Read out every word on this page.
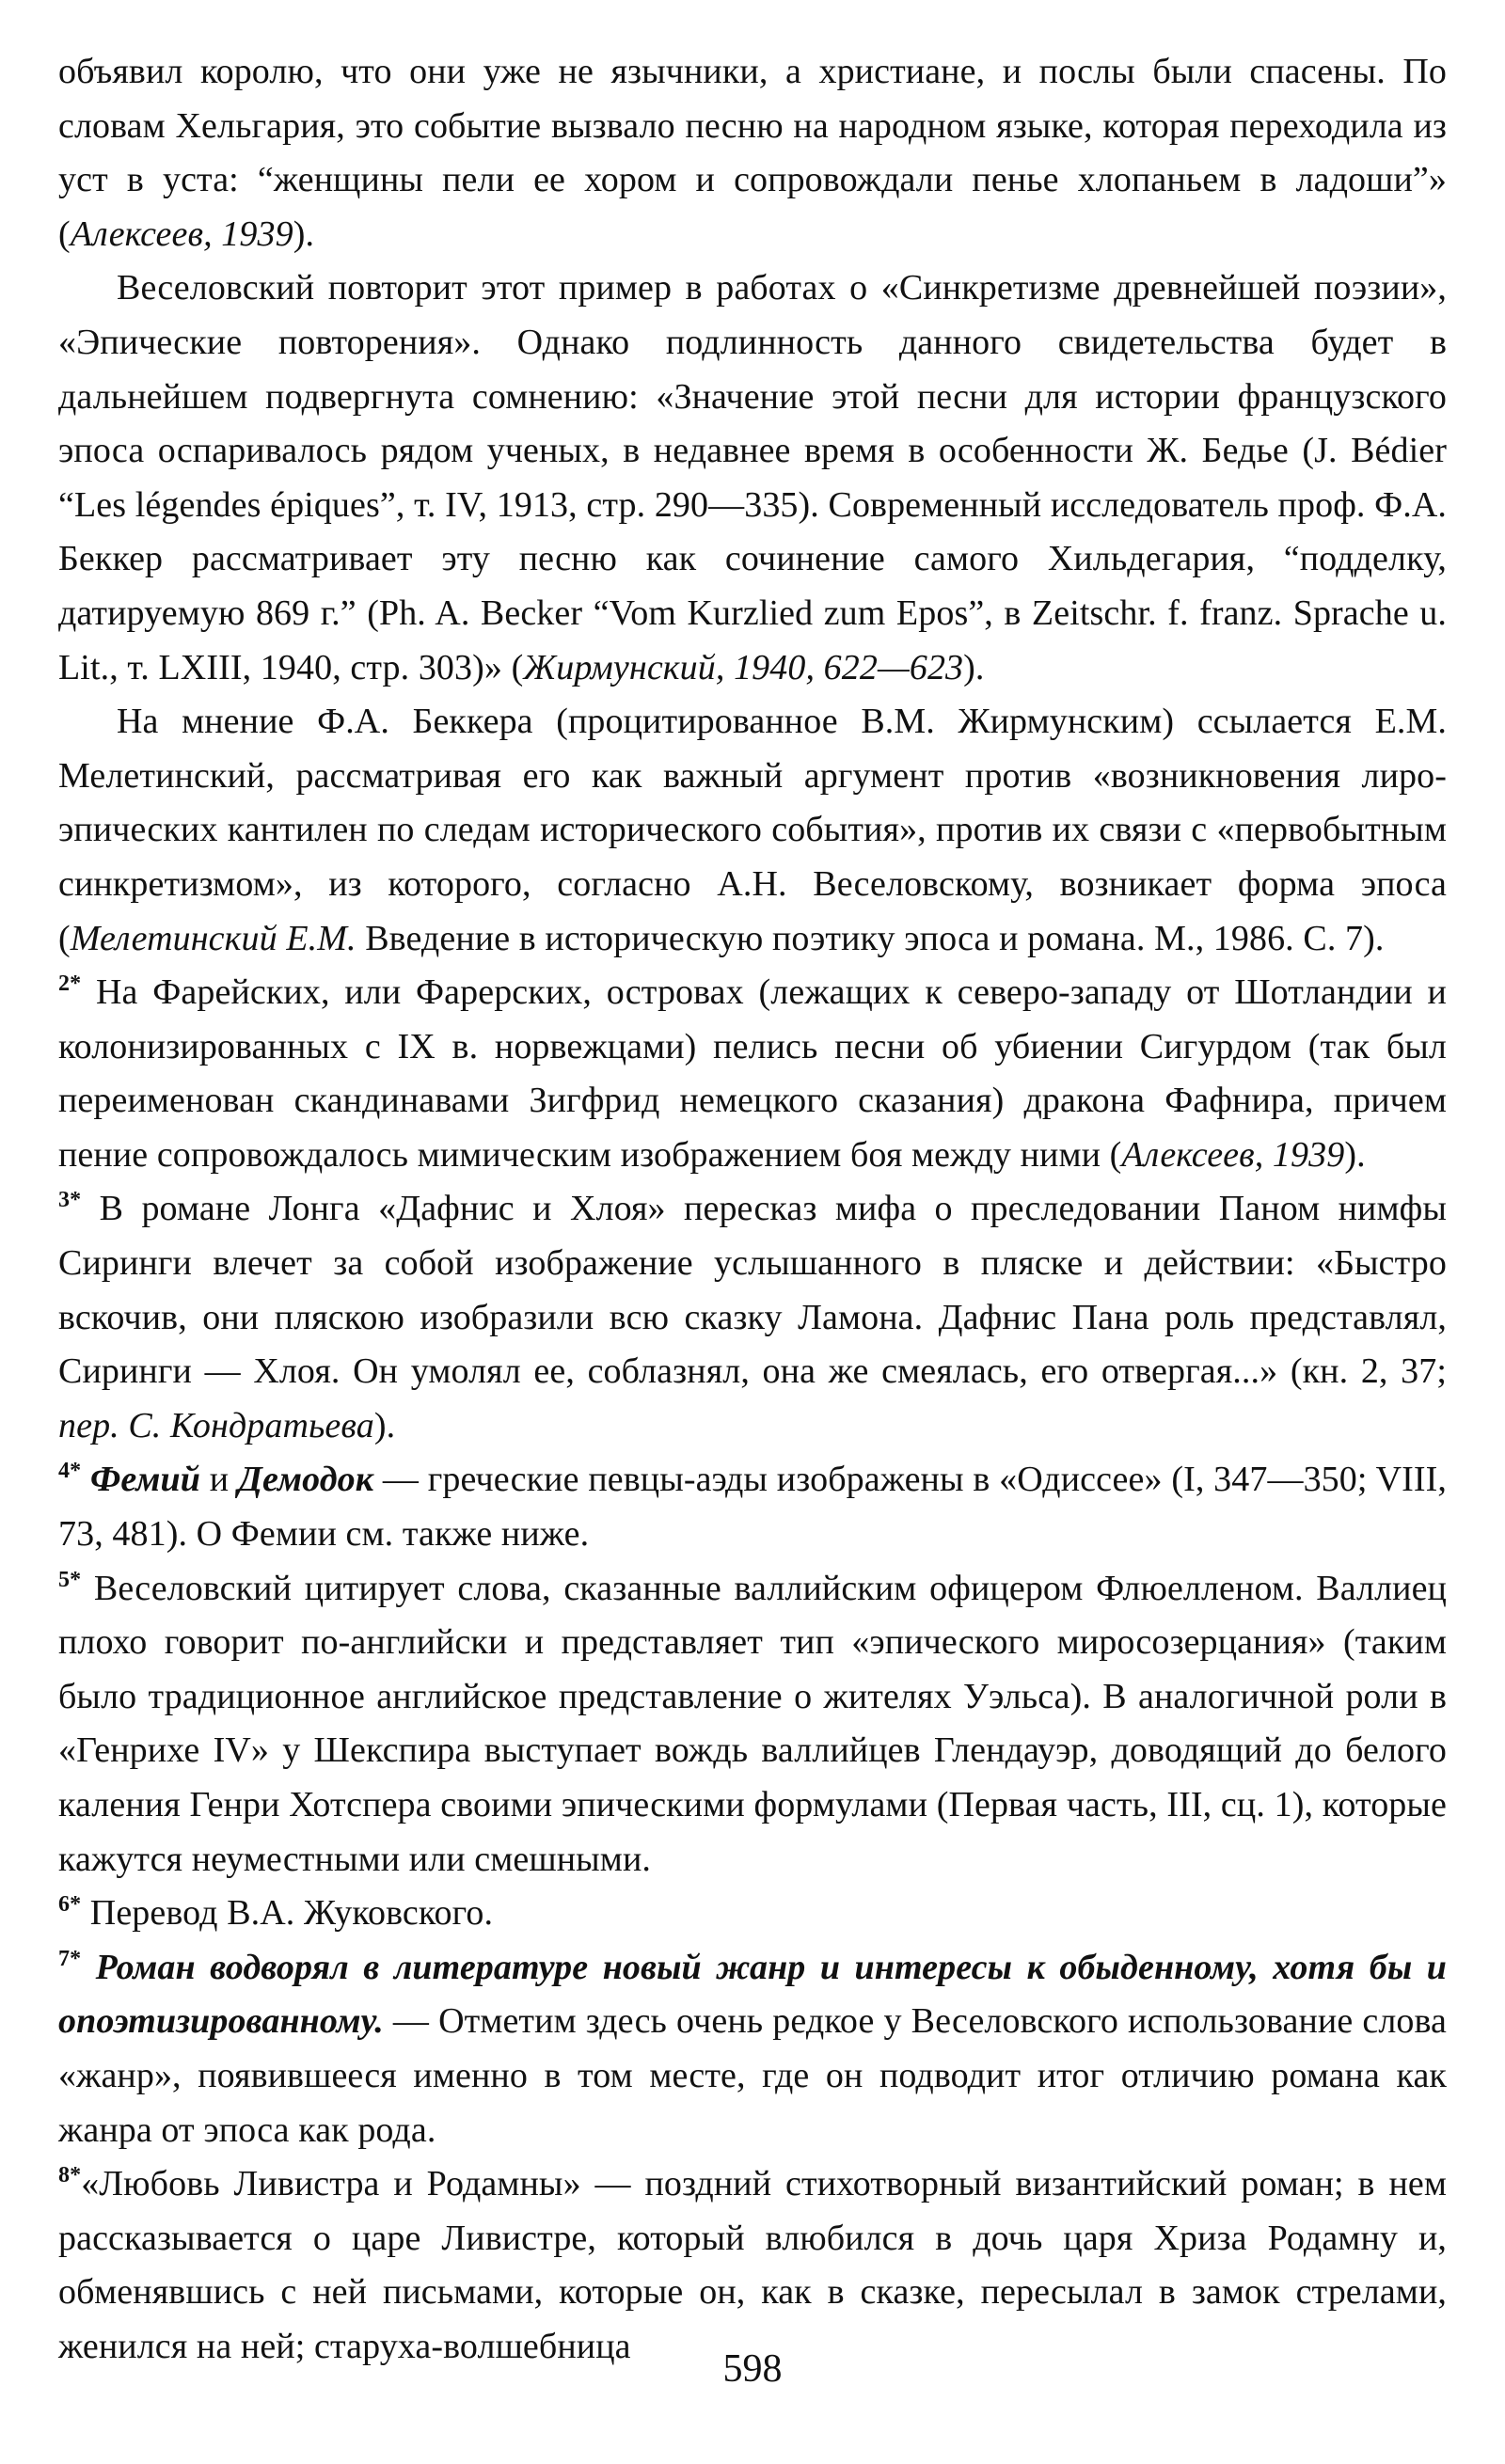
объявил королю, что они уже не язычники, а христиане, и послы были спасены. По словам Хельгария, это событие вызвало песню на народном языке, которая переходила из уст в уста: “женщины пели ее хором и сопровождали пенье хлопаньем в ладоши”» (Алексеев, 1939).

Веселовский повторит этот пример в работах о «Синкретизме древнейшей поэзии», «Эпические повторения». Однако подлинность данного свидетельства будет в дальнейшем подвергнута сомнению: «Значение этой песни для истории французского эпоса оспаривалось рядом ученых, в недавнее время в особенности Ж. Бедье (J. Bédier “Les légendes épiques”, т. IV, 1913, стр. 290—335). Современный исследователь проф. Ф.А. Беккер рассматривает эту песню как сочинение самого Хильдегария, “подделку, датируемую 869 г.” (Ph. A. Becker “Vom Kurzlied zum Epos”, в Zeitschr. f. franz. Sprache u. Lit., т. LXIII, 1940, стр. 303)» (Жирмунский, 1940, 622—623).

На мнение Ф.А. Беккера (процитированное В.М. Жирмунским) ссылается Е.М. Мелетинский, рассматривая его как важный аргумент против «возникновения лиро-эпических кантилен по следам исторического события», против их связи с «первобытным синкретизмом», из которого, согласно А.Н. Веселовскому, возникает форма эпоса (Мелетинский Е.М. Введение в историческую поэтику эпоса и романа. М., 1986. С. 7).

$^{2*}$ На Фарейских, или Фарерских, островах (лежащих к северо-западу от Шотландии и колонизированных с IX в. норвежцами) пелись песни об убиении Сигурдом (так был переименован скандинавами Зигфрид немецкого сказания) дракона Фафнира, причем пение сопровождалось мимическим изображением боя между ними (Алексеев, 1939).

$^{3*}$ В романе Лонга «Дафнис и Хлоя» пересказ мифа о преследовании Паном нимфы Сиринги влечет за собой изображение услышанного в пляске и действии: «Быстро вскочив, они пляскою изобразили всю сказку Ламона. Дафнис Пана роль представлял, Сиринги — Хлоя. Он умолял ее, соблазнял, она же смеялась, его отвергая...» (кн. 2, 37; пер. С. Кондратьева).

$^{4*}$ Фемий и Демодок — греческие певцы-аэды изображены в «Одиссее» (I, 347—350; VIII, 73, 481). О Фемии см. также ниже.

$^{5*}$ Веселовский цитирует слова, сказанные валлийским офицером Флюелленом. Валлиец плохо говорит по-английски и представляет тип «эпического миросозерцания» (таким было традиционное английское представление о жителях Уэльса). В аналогичной роли в «Генрихе IV» у Шекспира выступает вождь валлийцев Глендауэр, доводящий до белого каления Генри Хотспера своими эпическими формулами (Первая часть, III, сц. 1), которые кажутся неуместными или смешными.

$^{6*}$ Перевод В.А. Жуковского.

$^{7*}$ Роман водворял в литературе новый жанр и интересы к обыденному, хотя бы и опоэтизированному. — Отметим здесь очень редкое у Веселовского использование слова «жанр», появившееся именно в том месте, где он подводит итог отличию романа как жанра от эпоса как рода.

$^{8*}$«Любовь Ливистра и Родамны» — поздний стихотворный византийский роман; в нем рассказывается о царе Ливистре, который влюбился в дочь царя Хриза Родамну и, обменявшись с ней письмами, которые он, как в сказке, пересылал в замок стрелами, женился на ней; старуха-волшебница

598
